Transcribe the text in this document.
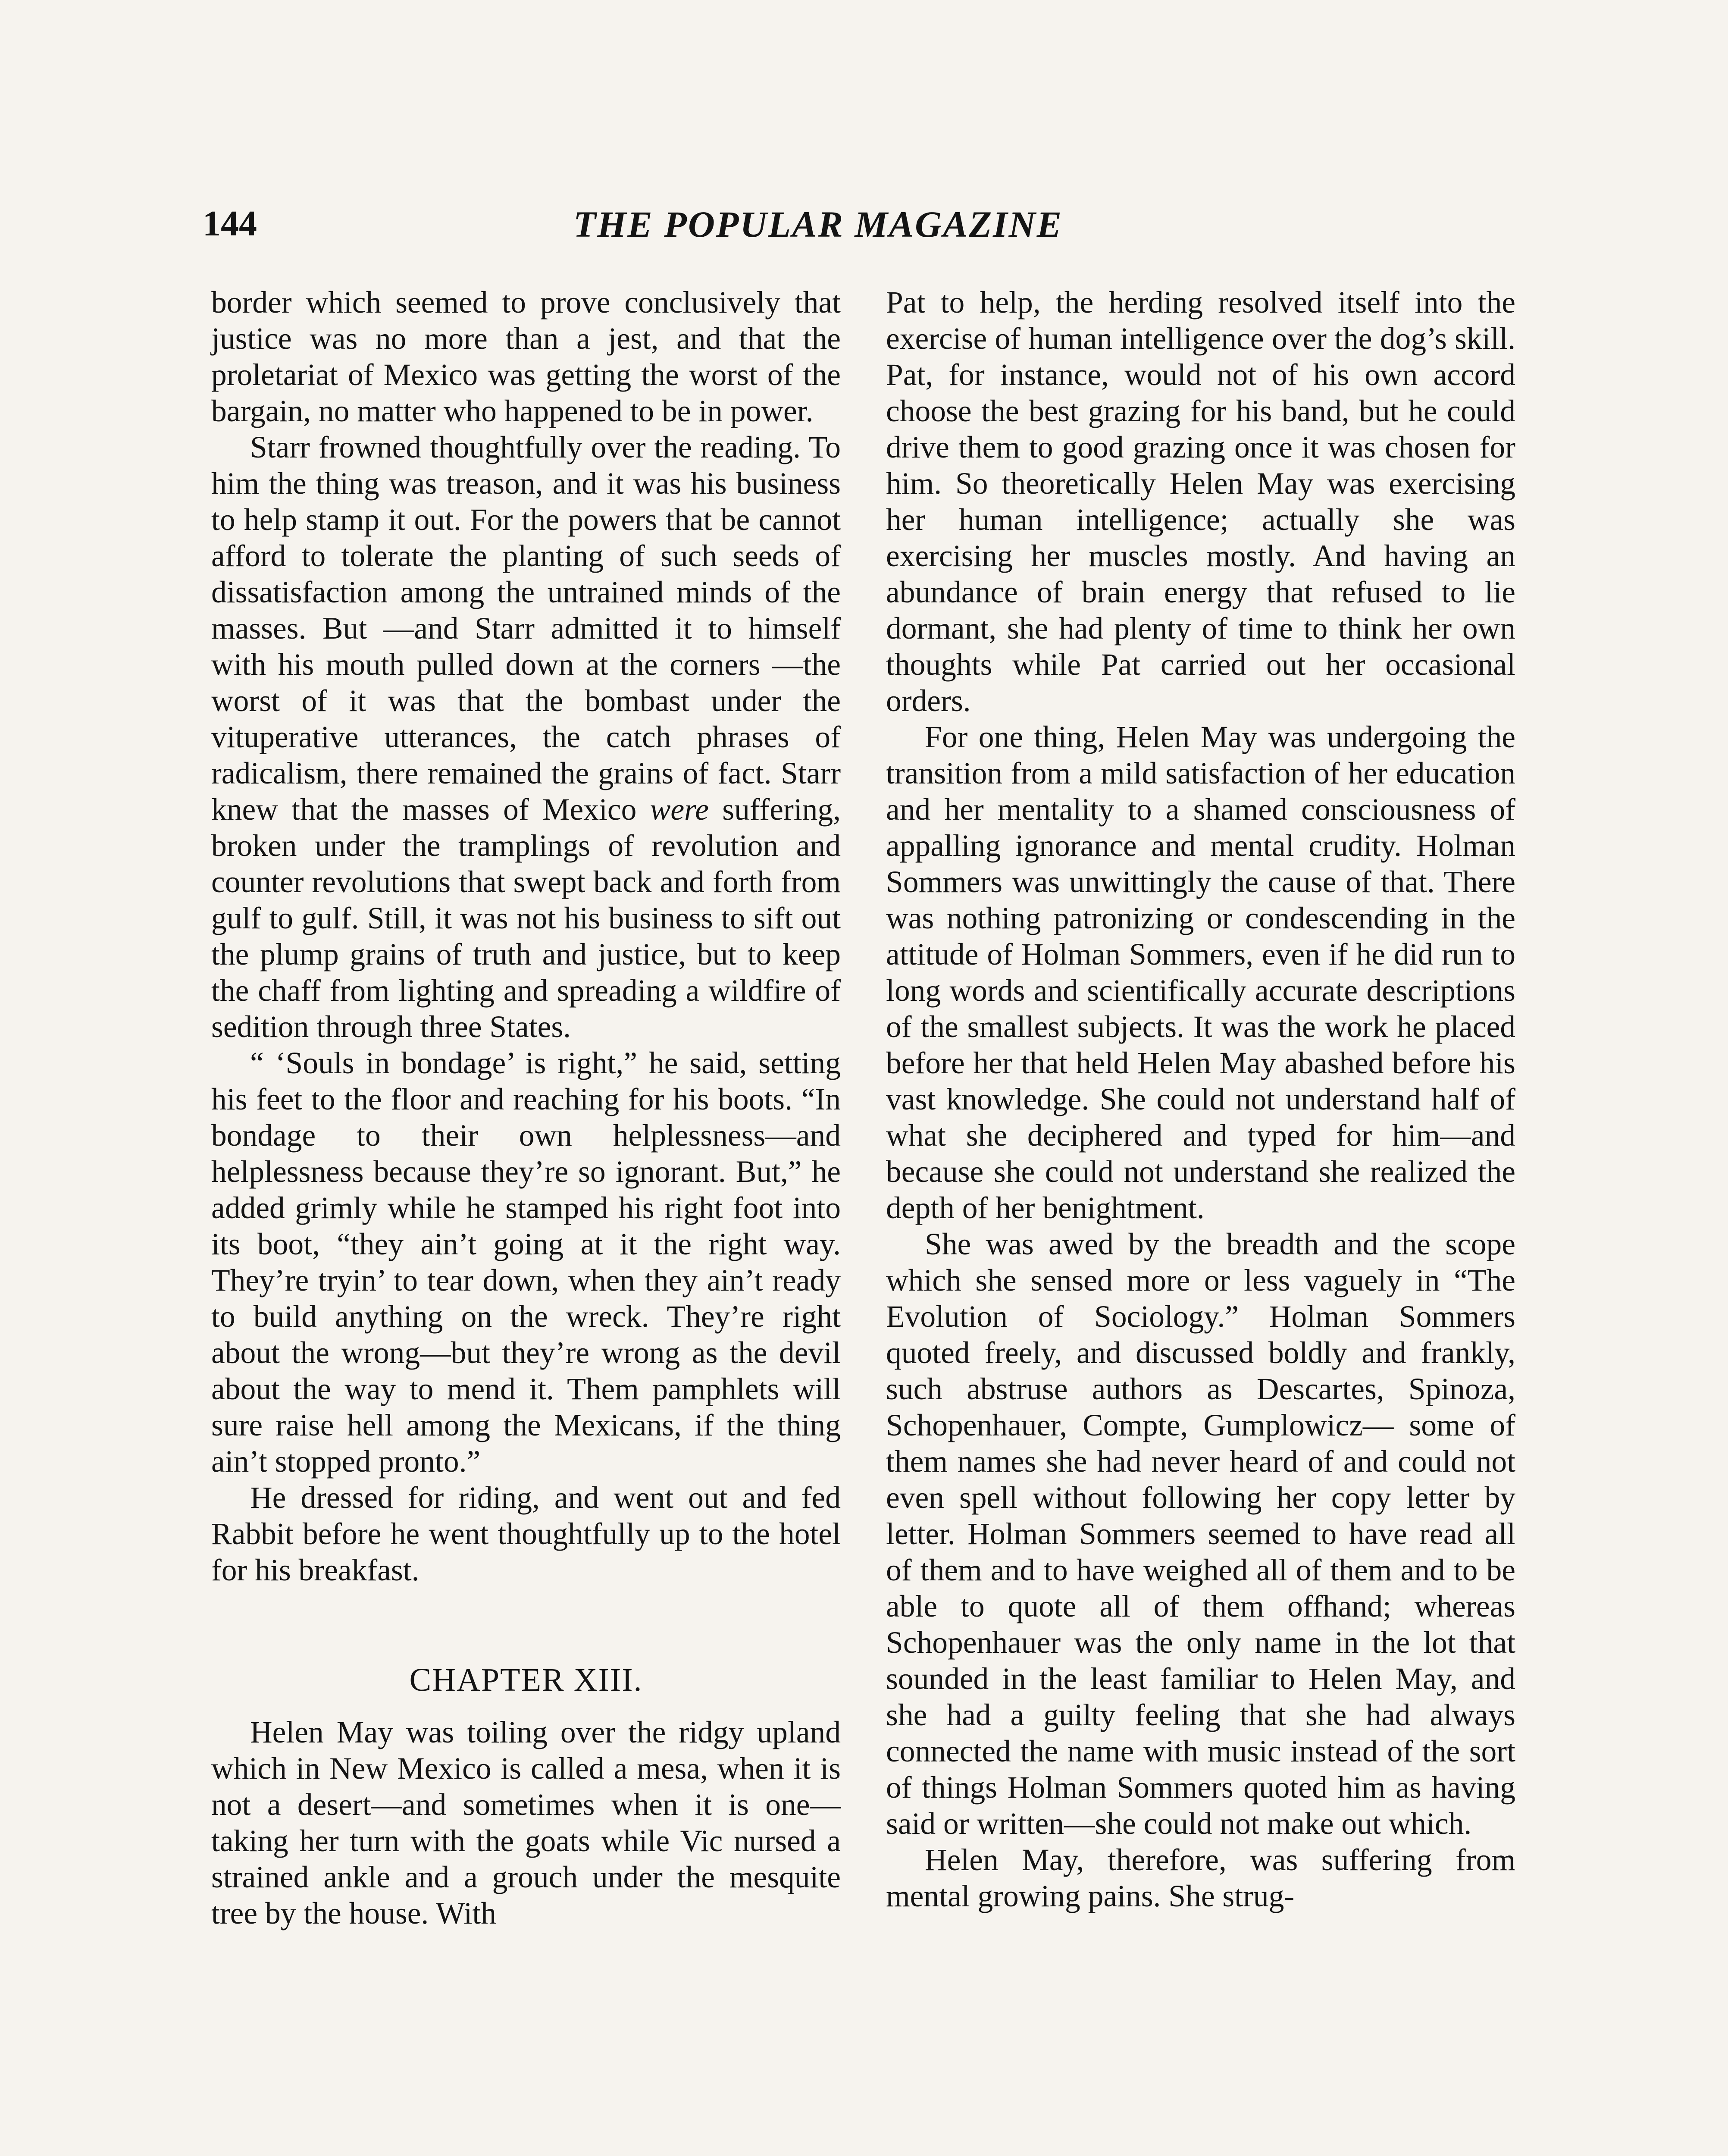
144	THE POPULAR MAGAZINE

border which seemed to prove conclusively that justice was no more than a jest, and that the proletariat of Mexico was getting the worst of the bargain, no matter who happened to be in power.

Starr frowned thoughtfully over the reading. To him the thing was treason, and it was his business to help stamp it out. For the powers that be cannot afford to tolerate the planting of such seeds of dissatisfaction among the untrained minds of the masses. But —and Starr admitted it to himself with his mouth pulled down at the corners —the worst of it was that the bombast under the vituperative utterances, the catch phrases of radicalism, there remained the grains of fact. Starr knew that the masses of Mexico were suffering, broken under the tramplings of revolution and counter revolutions that swept back and forth from gulf to gulf. Still, it was not his business to sift out the plump grains of truth and justice, but to keep the chaff from lighting and spreading a wildfire of sedition through three States.

“ ‘Souls in bondage’ is right,” he said, setting his feet to the floor and reaching for his boots. “In bondage to their own helplessness—and helplessness because they’re so ignorant. But,” he added grimly while he stamped his right foot into its boot, “they ain’t going at it the right way. They’re tryin’ to tear down, when they ain’t ready to build anything on the wreck. They’re right about the wrong—but they’re wrong as the devil about the way to mend it. Them pamphlets will sure raise hell among the Mexicans, if the thing ain’t stopped pronto.”

He dressed for riding, and went out and fed Rabbit before he went thoughtfully up to the hotel for his breakfast.

CHAPTER XIII.

Helen May was toiling over the ridgy upland which in New Mexico is called a mesa, when it is not a desert—and sometimes when it is one—taking her turn with the goats while Vic nursed a strained ankle and a grouch under the mesquite tree by the house. With

Pat to help, the herding resolved itself into the exercise of human intelligence over the dog’s skill. Pat, for instance, would not of his own accord choose the best grazing for his band, but he could drive them to good grazing once it was chosen for him. So theoretically Helen May was exercising her human intelligence; actually she was exercising her muscles mostly. And having an abundance of brain energy that refused to lie dormant, she had plenty of time to think her own thoughts while Pat carried out her occasional orders.

For one thing, Helen May was undergoing the transition from a mild satisfaction of her education and her mentality to a shamed consciousness of appalling ignorance and mental crudity. Holman Sommers was unwittingly the cause of that. There was nothing patronizing or condescending in the attitude of Holman Sommers, even if he did run to long words and scientifically accurate descriptions of the smallest subjects. It was the work he placed before her that held Helen May abashed before his vast knowledge. She could not understand half of what she deciphered and typed for him—and because she could not understand she realized the depth of her benightment.

She was awed by the breadth and the scope which she sensed more or less vaguely in “The Evolution of Sociology.” Holman Sommers quoted freely, and discussed boldly and frankly, such abstruse authors as Descartes, Spinoza, Schopenhauer, Compte, Gumplowicz— some of them names she had never heard of and could not even spell without following her copy letter by letter. Holman Sommers seemed to have read all of them and to have weighed all of them and to be able to quote all of them offhand; whereas Schopenhauer was the only name in the lot that sounded in the least familiar to Helen May, and she had a guilty feeling that she had always connected the name with music instead of the sort of things Holman Sommers quoted him as having said or written—she could not make out which.

Helen May, therefore, was suffering from mental growing pains. She strug-
